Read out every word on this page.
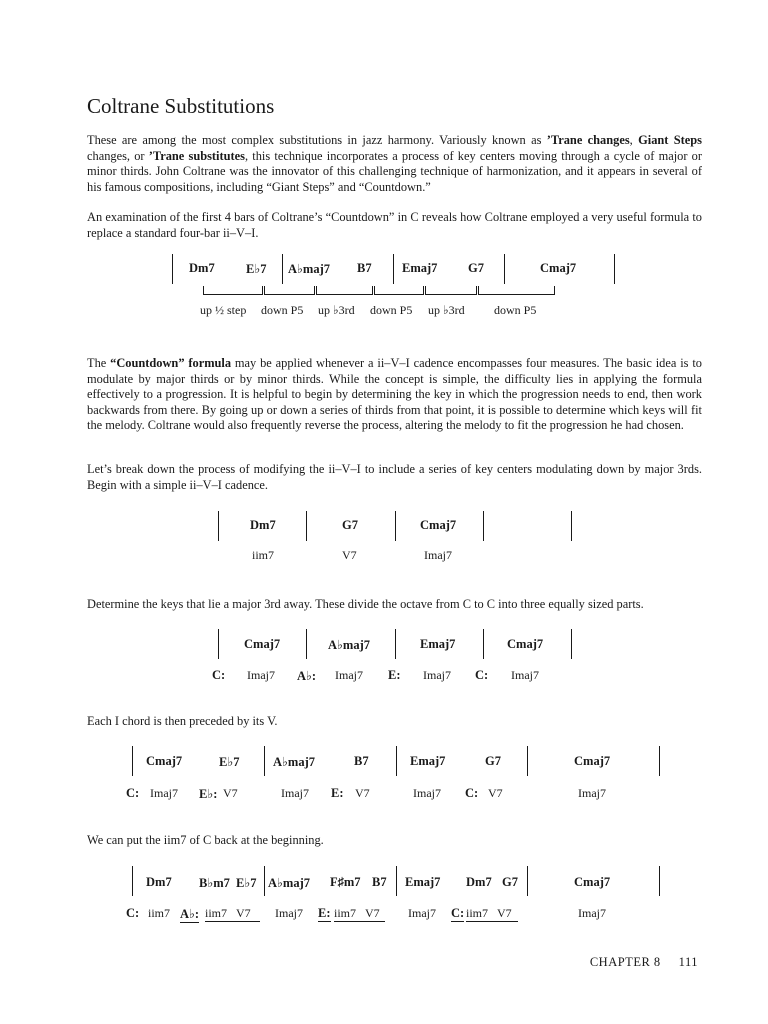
Coltrane Substitutions

These are among the most complex substitutions in jazz harmony. Variously known as ’Trane changes, Giant Steps changes, or ’Trane substitutes, this technique incorporates a process of key centers moving through a cycle of major or minor thirds. John Coltrane was the innovator of this challenging technique of harmonization, and it appears in several of his famous compositions, including “Giant Steps” and “Countdown.”

An examination of the first 4 bars of Coltrane’s “Countdown” in C reveals how Coltrane employed a very useful formula to replace a standard four-bar ii–V–I.

Dm7	E♭7 A♭maj7 B7 Emaj7 G7	Cmaj7
up ½ step down P5 up ♭3rd down P5 up ♭3rd down P5

The “Countdown” formula may be applied whenever a ii–V–I cadence encompasses four measures. The basic idea is to modulate by major thirds or by minor thirds. While the concept is simple, the difficulty lies in applying the formula effectively to a progression. It is helpful to begin by determining the key in which the progression needs to end, then work backwards from there. By going up or down a series of thirds from that point, it is possible to determine which keys will fit the melody. Coltrane would also frequently reverse the process, altering the melody to fit the progression he had chosen.

Let’s break down the process of modifying the ii–V–I to include a series of key centers modulating down by major 3rds. Begin with a simple ii–V–I cadence.

Dm7	G7	Cmaj7
iim7	V7	Imaj7

Determine the keys that lie a major 3rd away. These divide the octave from C to C into three equally sized parts.

Cmaj7	A♭maj7	Emaj7	Cmaj7
C: Imaj7 A♭: Imaj7 E: Imaj7 C: Imaj7

Each I chord is then preceded by its V.

Cmaj7	E♭7	A♭maj7	B7	Emaj7	G7	Cmaj7
C: Imaj7 E♭: V7	Imaj7 E: V7	Imaj7 C: V7	Imaj7

We can put the iim7 of C back at the beginning.

Dm7 B♭m7 E♭7 A♭maj7 F♯m7 B7 Emaj7 Dm7 G7	Cmaj7
C: iim7 A♭: iim7 V7	Imaj7 E: iim7 V7	Imaj7 C: iim7 V7	Imaj7
CHAPTER 8 111
